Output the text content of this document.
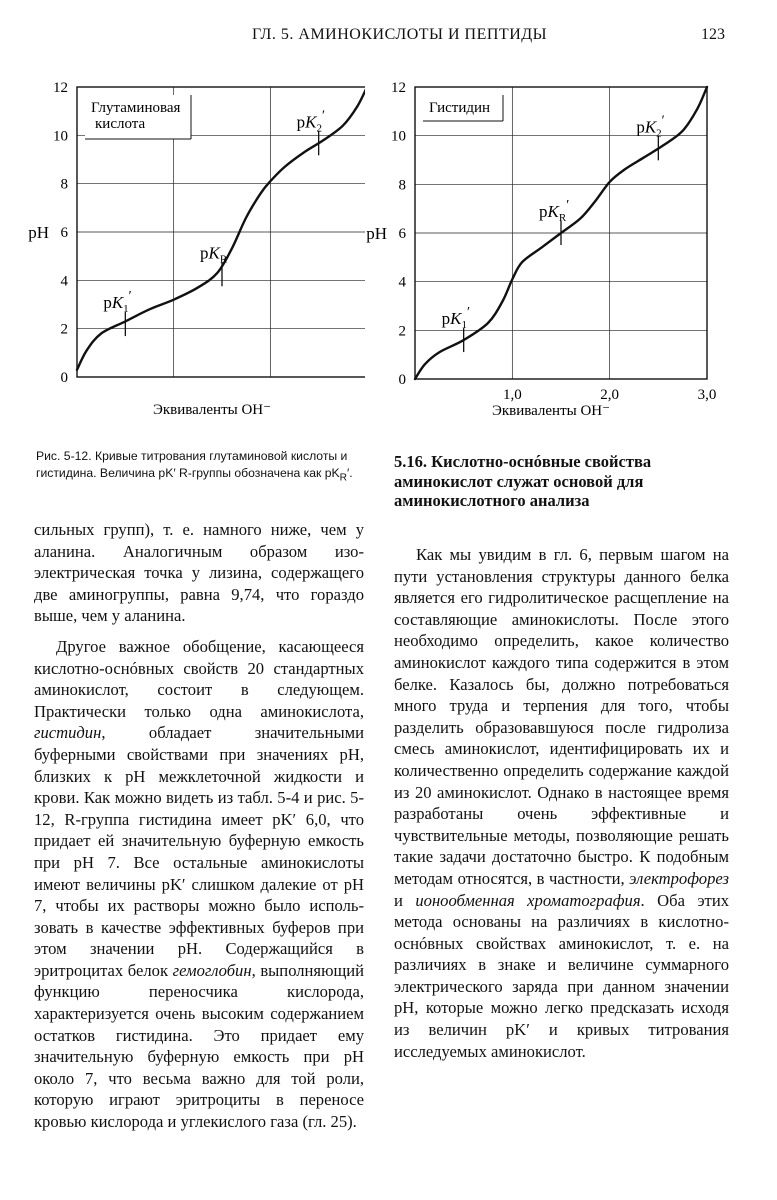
ГЛ. 5. АМИНОКИСЛОТЫ И ПЕПТИДЫ	123
0
2
4
6
8
10
12
pH
Эквиваленты OH⁻
Глутаминовая кислота
$pK_1'$
$pK_R$
$pK_2'$
0
2
4
6
8
10
12
pH
1,0	2,0	3,0
Эквиваленты OH⁻
Гистидин
$pK_1'$
$pK_R'$
$pK_2'$
Рис. 5-12. Кривые титрования глутаминовой кислоты и гистидина. Величина pK′ R-группы обозначена как $pK_R'$.

сильных групп), т. е. намного ниже, чем у аланина. Аналогичным образом изоэлектрическая точка у лизина, содержащего две аминогруппы, равна 9,74, что гораздо выше, чем у аланина.

Другое важное обобщение, касающееся кислотно-оснóвных свойств 20 стандартных аминокислот, состоит в следующем. Практически только одна аминокислота, гистидин, обладает значительными буферными свойствами при значениях pH, близких к pH межклеточной жидкости и крови. Как можно видеть из табл. 5-4 и рис. 5-12, R-группа гистидина имеет pK′ 6,0, что придает ей значительную буферную емкость при pH 7. Все остальные аминокислоты имеют величины pK′ слишком далекие от pH 7, чтобы их растворы можно было использовать в качестве эффективных буферов при этом значении pH. Содержащийся в эритроцитах белок гемоглобин, выполняющий функцию переносчика кислорода, характеризуется очень высоким содержанием остатков гистидина. Это придает ему значительную буферную емкость при pH около 7, что весьма важно для той роли, которую играют эритроциты в переносе кровью кислорода и углекислого газа (гл. 25).

5.16. Кислотно-оснóвные свойства аминокислот служат основой для аминокислотного анализа

Как мы увидим в гл. 6, первым шагом на пути установления структуры данного белка является его гидролитическое расщепление на составляющие аминокислоты. После этого необходимо определить, какое количество аминокислот каждого типа содержится в этом белке. Казалось бы, должно потребоваться много труда и терпения для того, чтобы разделить образовавшуюся после гидролиза смесь аминокислот, идентифицировать их и количественно определить содержание каждой из 20 аминокислот. Однако в настоящее время разработаны очень эффективные и чувствительные методы, позволяющие решать такие задачи достаточно быстро. К подобным методам относятся, в частности, электрофорез и ионообменная хроматография. Оба этих метода основаны на различиях в кислотно-оснóвных свойствах аминокислот, т. е. на различиях в знаке и величине суммарного электрического заряда при данном значении pH, которые можно легко предсказать исходя из величин pK′ и кривых титрования исследуемых аминокислот.
